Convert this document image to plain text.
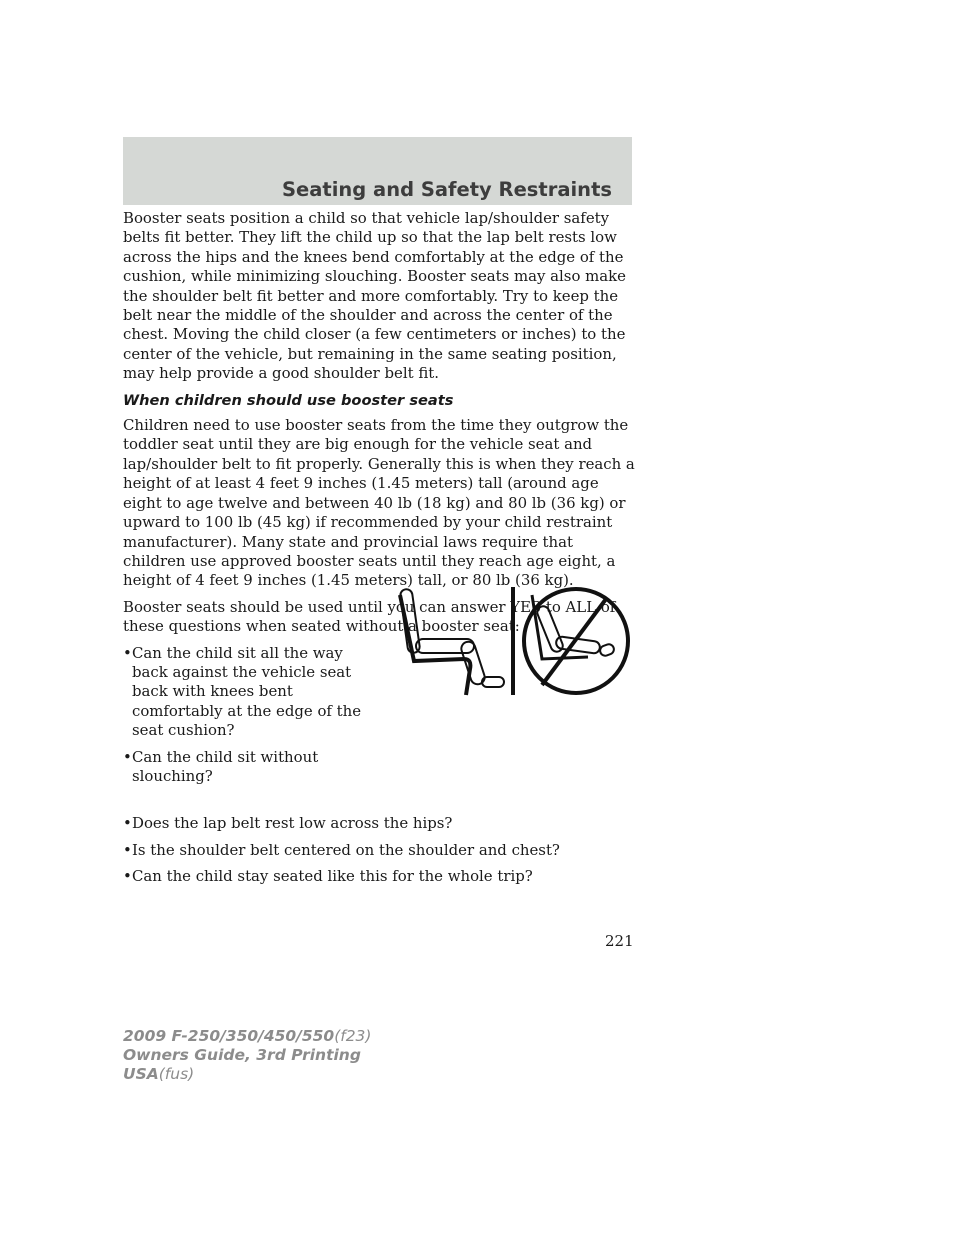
Seating and Safety Restraints

Booster seats position a child so that vehicle lap/shoulder safety belts fit better. They lift the child up so that the lap belt rests low across the hips and the knees bend comfortably at the edge of the cushion, while minimizing slouching. Booster seats may also make the shoulder belt fit better and more comfortably. Try to keep the belt near the middle of the shoulder and across the center of the chest. Moving the child closer (a few centimeters or inches) to the center of the vehicle, but remaining in the same seating position, may help provide a good shoulder belt fit.

When children should use booster seats

Children need to use booster seats from the time they outgrow the toddler seat until they are big enough for the vehicle seat and lap/shoulder belt to fit properly. Generally this is when they reach a height of at least 4 feet 9 inches (1.45 meters) tall (around age eight to age twelve and between 40 lb (18 kg) and 80 lb (36 kg) or upward to 100 lb (45 kg) if recommended by your child restraint manufacturer). Many state and provincial laws require that children use approved booster seats until they reach age eight, a height of 4 feet 9 inches (1.45 meters) tall, or 80 lb (36 kg).

Booster seats should be used until you can answer YES to ALL of these questions when seated without a booster seat:

• Can the child sit all the way back against the vehicle seat back with knees bent comfortably at the edge of the seat cushion?
• Can the child sit without slouching?
• Does the lap belt rest low across the hips?
• Is the shoulder belt centered on the shoulder and chest?
• Can the child stay seated like this for the whole trip?
221
2009 F-250/350/450/550(f23)
Owners Guide, 3rd Printing
USA(fus)
